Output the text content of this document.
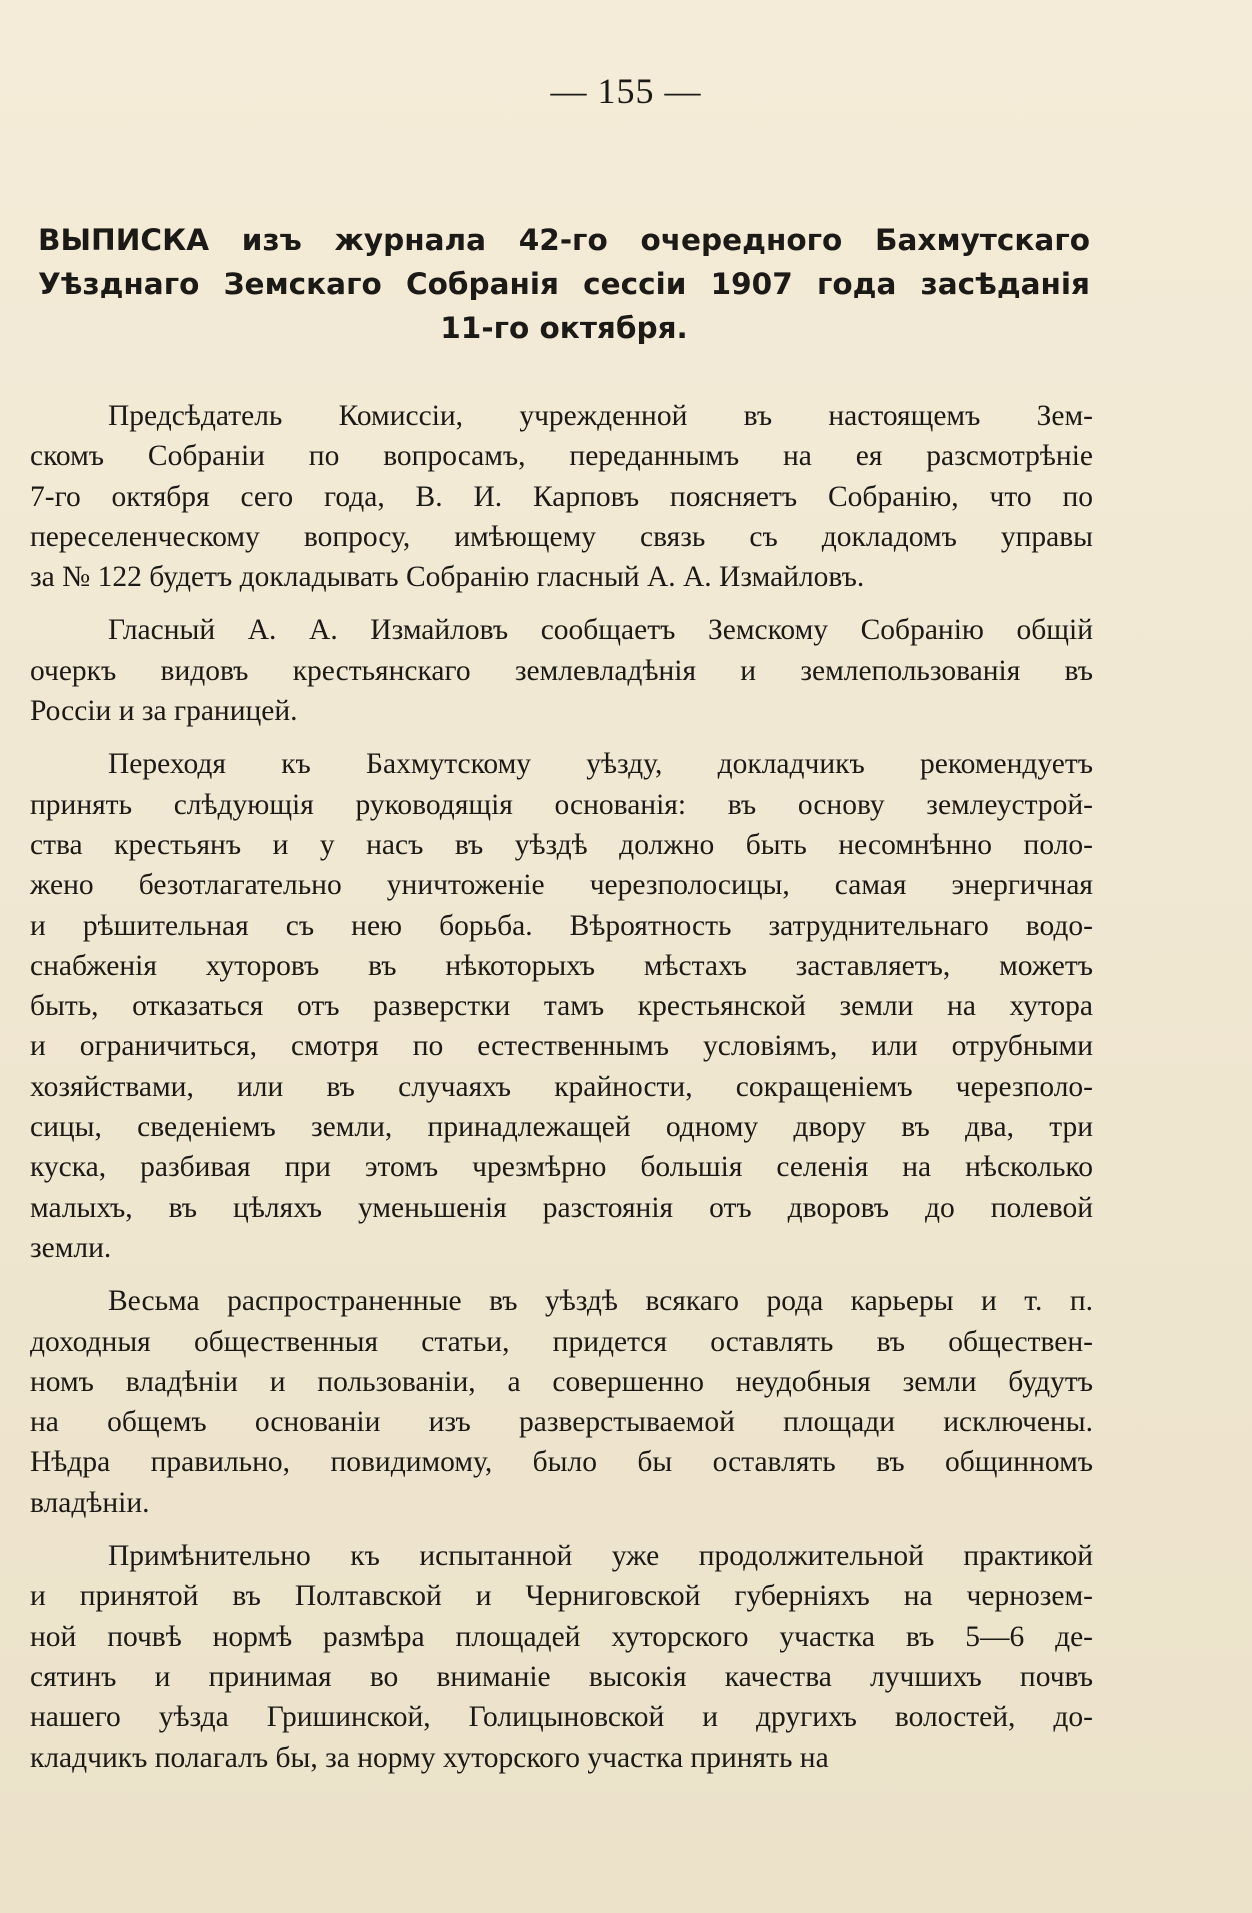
— 155 —
ВЫПИСКА изъ журнала 42-го очередного Бахмутскаго
Уѣзднаго Земскаго Собранія сессіи 1907 года засѣданія
11-го октября.
Предсѣдатель Комиссіи, учрежденной въ настоящемъ Зем-
скомъ Собраніи по вопросамъ, переданнымъ на ея разсмотрѣніе
7-го октября сего года, В. И. Карповъ поясняетъ Собранію, что по
переселенческому вопросу, имѣющему связь съ докладомъ управы
за № 122 будетъ докладывать Собранію гласный А. А. Измайловъ.
Гласный А. А. Измайловъ сообщаетъ Земскому Собранію общій
очеркъ видовъ крестьянскаго землевладѣнія и землепользованія въ
Россіи и за границей.
Переходя къ Бахмутскому уѣзду, докладчикъ рекомендуетъ
принять слѣдующія руководящія основанія: въ основу землеустрой-
ства крестьянъ и у насъ въ уѣздѣ должно быть несомнѣнно поло-
жено безотлагательно уничтоженіе черезполосицы, самая энергичная
и рѣшительная съ нею борьба. Вѣроятность затруднительнаго водо-
снабженія хуторовъ въ нѣкоторыхъ мѣстахъ заставляетъ, можетъ
быть, отказаться отъ разверстки тамъ крестьянской земли на хутора
и ограничиться, смотря по естественнымъ условіямъ, или отрубными
хозяйствами, или въ случаяхъ крайности, сокращеніемъ черезполо-
сицы, сведеніемъ земли, принадлежащей одному двору въ два, три
куска, разбивая при этомъ чрезмѣрно большія селенія на нѣсколько
малыхъ, въ цѣляхъ уменьшенія разстоянія отъ дворовъ до полевой
земли.
Весьма распространенные въ уѣздѣ всякаго рода карьеры и т. п.
доходныя общественныя статьи, придется оставлять въ обществен-
номъ владѣніи и пользованіи, а совершенно неудобныя земли будутъ
на общемъ основаніи изъ разверстываемой площади исключены.
Нѣдра правильно, повидимому, было бы оставлять въ общинномъ
владѣніи.
Примѣнительно къ испытанной уже продолжительной практикой
и принятой въ Полтавской и Черниговской губерніяхъ на чернозем-
ной почвѣ нормѣ размѣра площадей хуторского участка въ 5—6 де-
сятинъ и принимая во вниманіе высокія качества лучшихъ почвъ
нашего уѣзда Гришинской, Голицыновской и другихъ волостей, до-
кладчикъ полагалъ бы, за норму хуторского участка принять на
